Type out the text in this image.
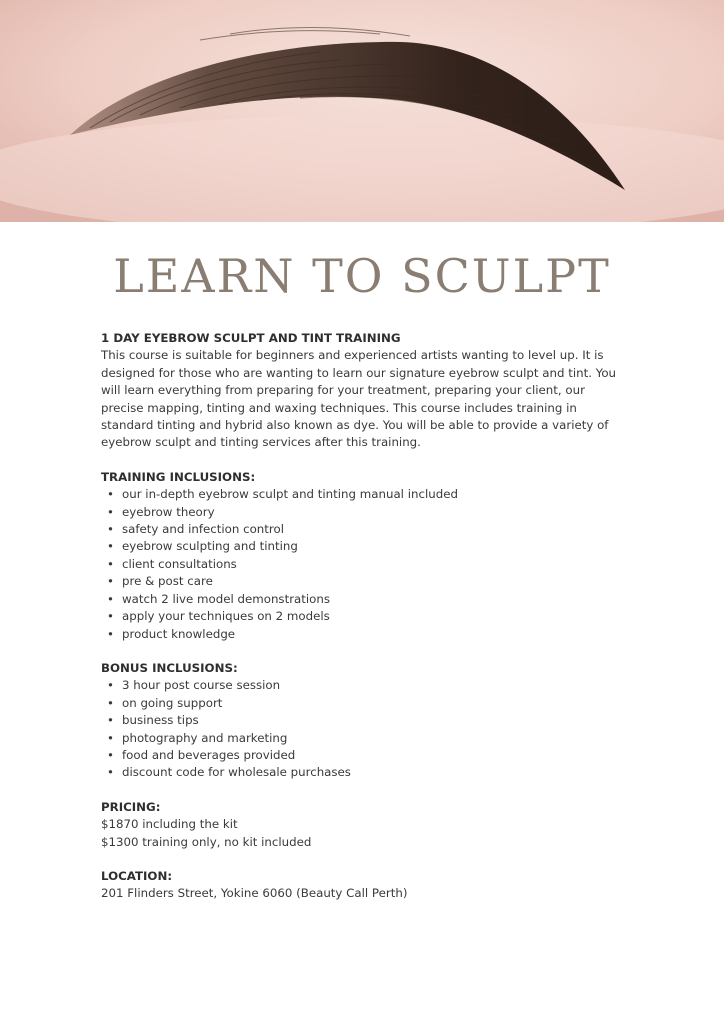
LEARN TO SCULPT

1 DAY EYEBROW SCULPT AND TINT TRAINING

This course is suitable for beginners and experienced artists wanting to level up. It is designed for those who are wanting to learn our signature eyebrow sculpt and tint. You will learn everything from preparing for your treatment, preparing your client, our precise mapping, tinting and waxing techniques. This course includes training in standard tinting and hybrid also known as dye. You will be able to provide a variety of eyebrow sculpt and tinting services after this training.

TRAINING INCLUSIONS:

• our in-depth eyebrow sculpt and tinting manual included
• eyebrow theory
• safety and infection control
• eyebrow sculpting and tinting
• client consultations
• pre & post care
• watch 2 live model demonstrations
• apply your techniques on 2 models
• product knowledge

BONUS INCLUSIONS:

• 3 hour post course session
• on going support
• business tips
• photography and marketing
• food and beverages provided
• discount code for wholesale purchases

PRICING:

$1870 including the kit

$1300 training only, no kit included

LOCATION:

201 Flinders Street, Yokine 6060 (Beauty Call Perth)
